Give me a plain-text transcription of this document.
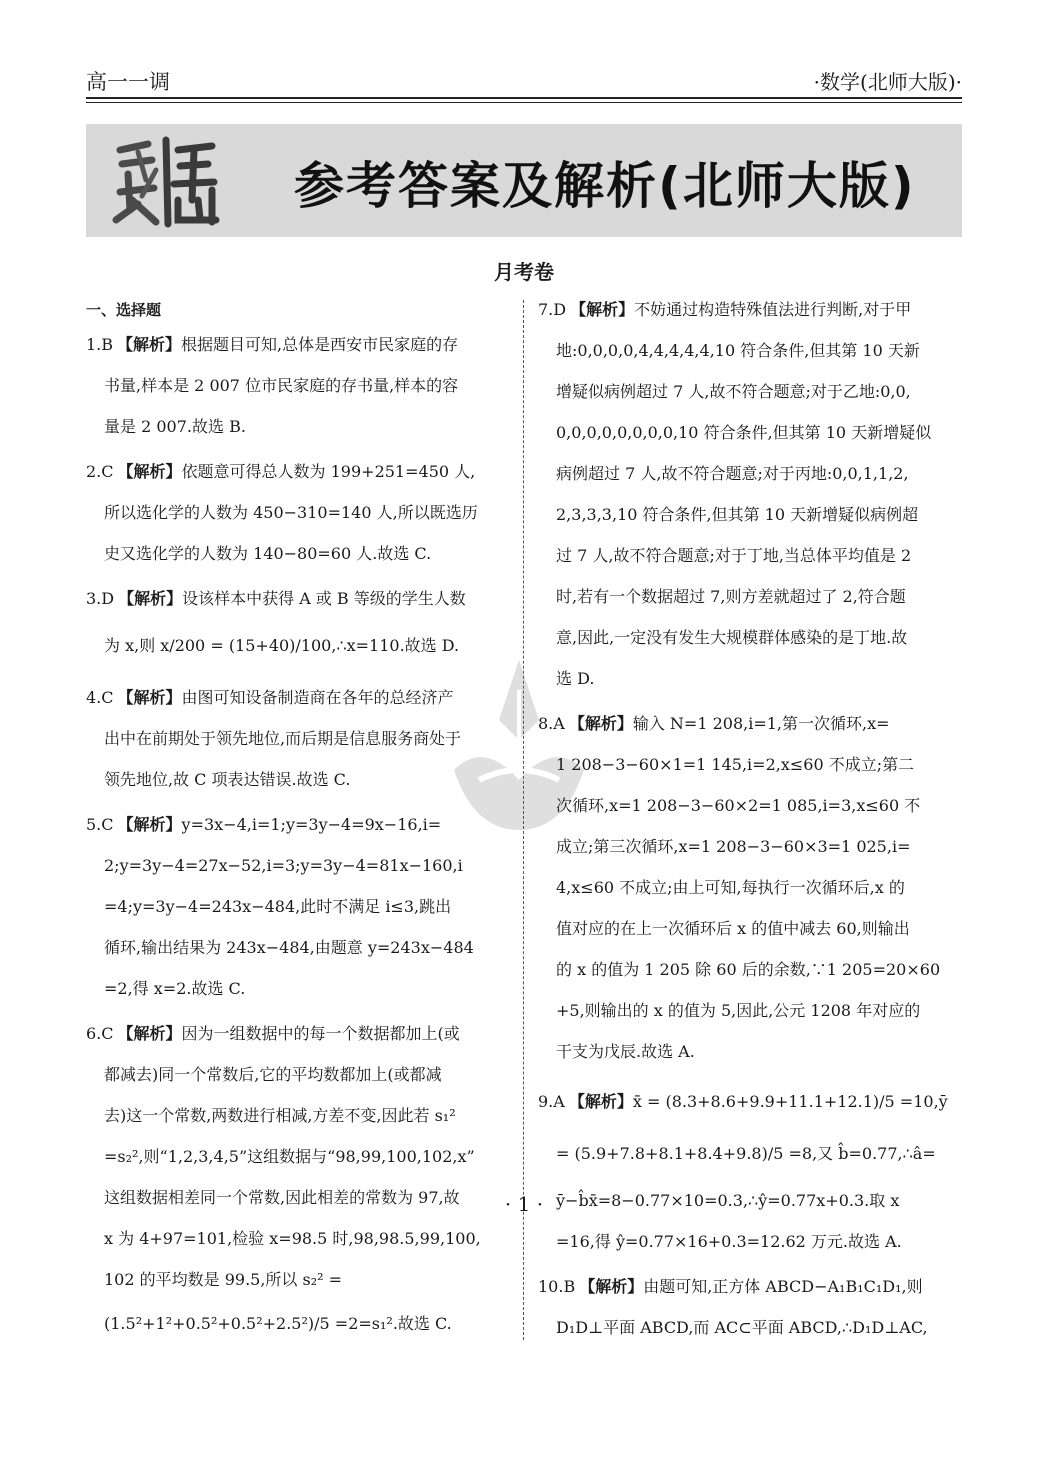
高一一调	·数学(北师大版)·
参考答案及解析(北师大版)
月考卷
一、选择题

1.B 【解析】根据题目可知,总体是西安市民家庭的存

书量,样本是 2 007 位市民家庭的存书量,样本的容

量是 2 007.故选 B.

2.C 【解析】依题意可得总人数为 199+251=450 人,

所以选化学的人数为 450−310=140 人,所以既选历

史又选化学的人数为 140−80=60 人.故选 C.

3.D 【解析】设该样本中获得 A 或 B 等级的学生人数

为 x,则 x/200 = (15+40)/100,∴x=110.故选 D.

4.C 【解析】由图可知设备制造商在各年的总经济产

出中在前期处于领先地位,而后期是信息服务商处于

领先地位,故 C 项表达错误.故选 C.

5.C 【解析】y=3x−4,i=1;y=3y−4=9x−16,i=

2;y=3y−4=27x−52,i=3;y=3y−4=81x−160,i

=4;y=3y−4=243x−484,此时不满足 i≤3,跳出

循环,输出结果为 243x−484,由题意 y=243x−484

=2,得 x=2.故选 C.

6.C 【解析】因为一组数据中的每一个数据都加上(或

都减去)同一个常数后,它的平均数都加上(或都减

去)这一个常数,两数进行相减,方差不变,因此若 s₁²

=s₂²,则“1,2,3,4,5”这组数据与“98,99,100,102,x”

这组数据相差同一个常数,因此相差的常数为 97,故

x 为 4+97=101,检验 x=98.5 时,98,98.5,99,100,

102 的平均数是 99.5,所以 s₂² =

(1.5²+1²+0.5²+0.5²+2.5²)/5 =2=s₁².故选 C.

7.D 【解析】不妨通过构造特殊值法进行判断,对于甲

地:0,0,0,0,4,4,4,4,4,10 符合条件,但其第 10 天新

增疑似病例超过 7 人,故不符合题意;对于乙地:0,0,

0,0,0,0,0,0,0,0,10 符合条件,但其第 10 天新增疑似

病例超过 7 人,故不符合题意;对于丙地:0,0,1,1,2,

2,3,3,3,10 符合条件,但其第 10 天新增疑似病例超

过 7 人,故不符合题意;对于丁地,当总体平均值是 2

时,若有一个数据超过 7,则方差就超过了 2,符合题

意,因此,一定没有发生大规模群体感染的是丁地.故

选 D.

8.A 【解析】输入 N=1 208,i=1,第一次循环,x=

1 208−3−60×1=1 145,i=2,x≤60 不成立;第二

次循环,x=1 208−3−60×2=1 085,i=3,x≤60 不

成立;第三次循环,x=1 208−3−60×3=1 025,i=

4,x≤60 不成立;由上可知,每执行一次循环后,x 的

值对应的在上一次循环后 x 的值中减去 60,则输出

的 x 的值为 1 205 除 60 后的余数,∵1 205=20×60

+5,则输出的 x 的值为 5,因此,公元 1208 年对应的

干支为戊辰.故选 A.

9.A 【解析】x̄ = (8.3+8.6+9.9+11.1+12.1)/5 =10,ȳ

= (5.9+7.8+8.1+8.4+9.8)/5 =8,又 b̂=0.77,∴â=

ȳ−b̂x̄=8−0.77×10=0.3,∴ŷ=0.77x+0.3.取 x

=16,得 ŷ=0.77×16+0.3=12.62 万元.故选 A.

10.B 【解析】由题可知,正方体 ABCD−A₁B₁C₁D₁,则

D₁D⊥平面 ABCD,而 AC⊂平面 ABCD,∴D₁D⊥AC,

· 1 ·
